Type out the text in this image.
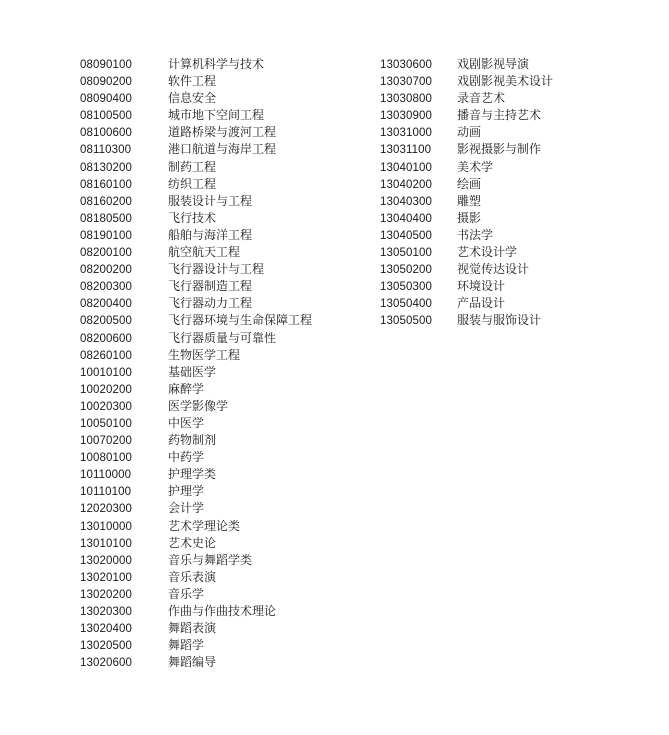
08090100	计算机科学与技术
08090200	软件工程
08090400	信息安全
08100500	城市地下空间工程
08100600	道路桥梁与渡河工程
08110300	港口航道与海岸工程
08130200	制药工程
08160100	纺织工程
08160200	服装设计与工程
08180500	飞行技术
08190100	船舶与海洋工程
08200100	航空航天工程
08200200	飞行器设计与工程
08200300	飞行器制造工程
08200400	飞行器动力工程
08200500	飞行器环境与生命保障工程
08200600	飞行器质量与可靠性
08260100	生物医学工程
10010100	基础医学
10020200	麻醉学
10020300	医学影像学
10050100	中医学
10070200	药物制剂
10080100	中药学
10110000	护理学类
10110100	护理学
12020300	会计学
13010000	艺术学理论类
13010100	艺术史论
13020000	音乐与舞蹈学类
13020100	音乐表演
13020200	音乐学
13020300	作曲与作曲技术理论
13020400	舞蹈表演
13020500	舞蹈学
13020600	舞蹈编导
13030600 戏剧影视导演
13030700 戏剧影视美术设计
13030800 录音艺术
13030900 播音与主持艺术
13031000 动画
13031100 影视摄影与制作
13040100 美术学
13040200 绘画
13040300 雕塑
13040400 摄影
13040500 书法学
13050100 艺术设计学
13050200 视觉传达设计
13050300 环境设计
13050400 产品设计
13050500 服装与服饰设计
